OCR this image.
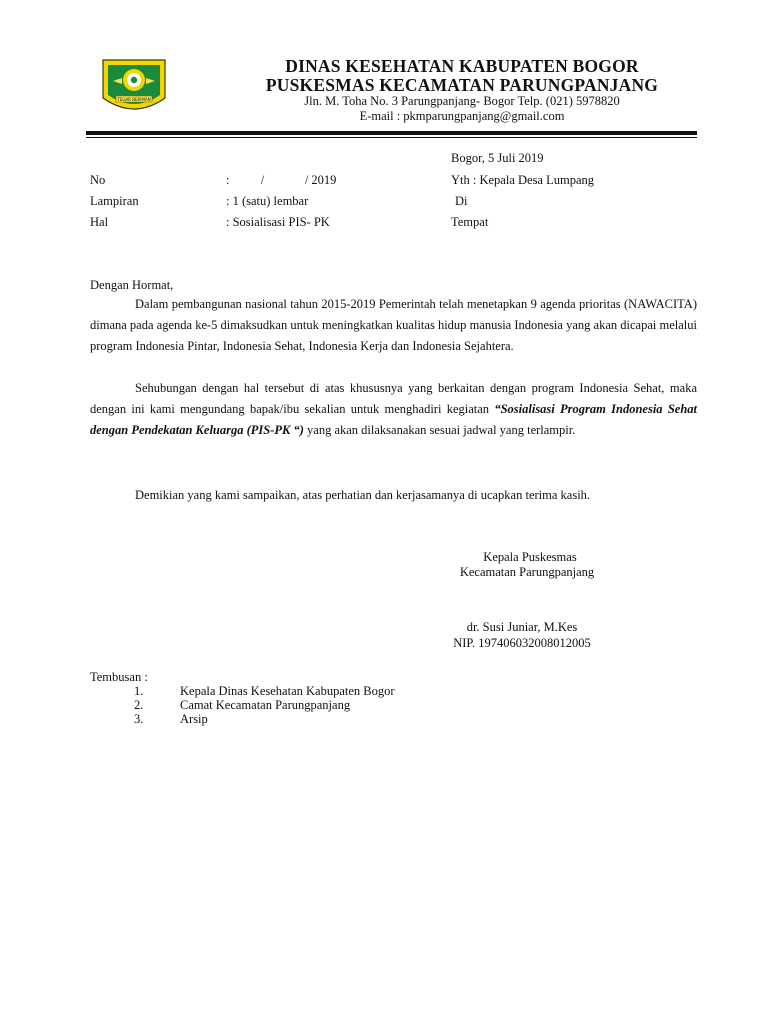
TEGAR BERIMAN
DINAS KESEHATAN KABUPATEN BOGOR
PUSKESMAS KECAMATAN PARUNGPANJANG
Jln. M. Toha No. 3 Parungpanjang- Bogor Telp. (021) 5978820
E-mail : pkmparungpanjang@gmail.com
Bogor, 5 Juli 2019
No	:          /             / 2019
Lampiran	: 1 (satu) lembar
Hal	: Sosialisasi PIS- PK
Yth : Kepala Desa Lumpang
Di
Tempat
Dengan Hormat,
Dalam pembangunan nasional tahun 2015-2019 Pemerintah telah menetapkan 9 agenda prioritas (NAWACITA) dimana pada agenda ke-5 dimaksudkan untuk meningkatkan kualitas hidup manusia Indonesia yang akan dicapai melalui program Indonesia Pintar, Indonesia Sehat, Indonesia Kerja dan Indonesia Sejahtera.
Sehubungan dengan hal tersebut di atas khususnya yang berkaitan dengan program Indonesia Sehat, maka dengan ini kami mengundang bapak/ibu sekalian untuk menghadiri kegiatan “Sosialisasi Program Indonesia Sehat dengan Pendekatan Keluarga (PIS-PK “) yang akan dilaksanakan sesuai jadwal yang terlampir.
Demikian yang kami sampaikan, atas perhatian dan kerjasamanya di ucapkan terima kasih.
Kepala Puskesmas
Kecamatan Parungpanjang
dr. Susi Juniar, M.Kes
NIP. 197406032008012005
Tembusan :
1.	Kepala Dinas Kesehatan Kabupaten Bogor
2.	Camat Kecamatan Parungpanjang
3.	Arsip
